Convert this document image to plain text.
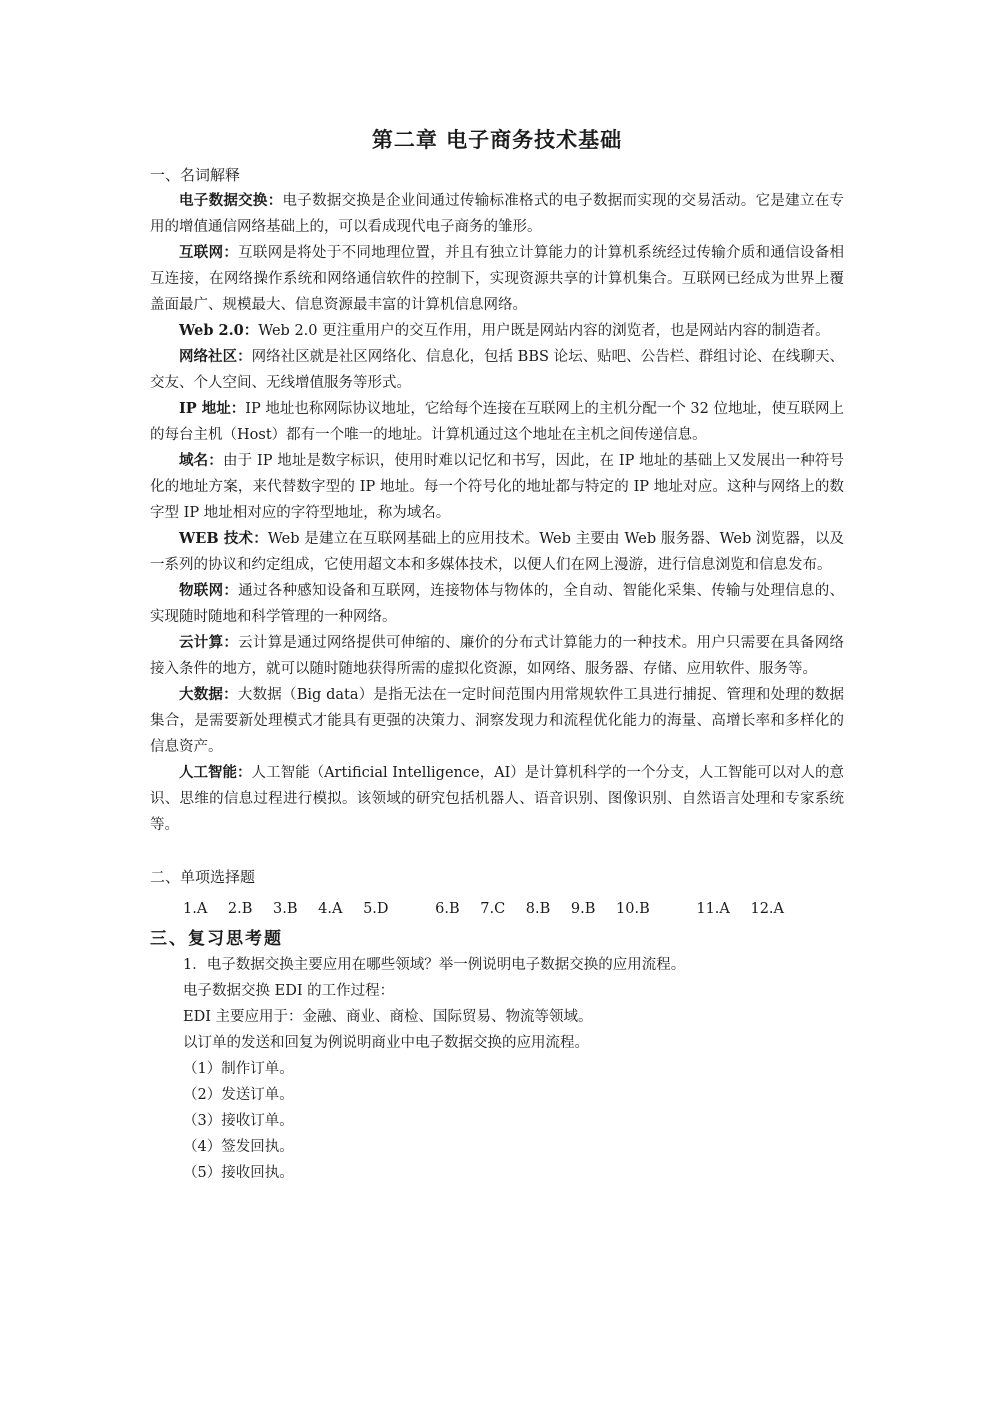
第二章 电子商务技术基础

一、名词解释

电子数据交换：电子数据交换是企业间通过传输标准格式的电子数据而实现的交易活动。它是建立在专用的增值通信网络基础上的，可以看成现代电子商务的雏形。

互联网：互联网是将处于不同地理位置，并且有独立计算能力的计算机系统经过传输介质和通信设备相互连接，在网络操作系统和网络通信软件的控制下，实现资源共享的计算机集合。互联网已经成为世界上覆盖面最广、规模最大、信息资源最丰富的计算机信息网络。

Web 2.0：Web 2.0 更注重用户的交互作用，用户既是网站内容的浏览者，也是网站内容的制造者。

网络社区：网络社区就是社区网络化、信息化，包括 BBS 论坛、贴吧、公告栏、群组讨论、在线聊天、交友、个人空间、无线增值服务等形式。

IP 地址：IP 地址也称网际协议地址，它给每个连接在互联网上的主机分配一个 32 位地址，使互联网上的每台主机（Host）都有一个唯一的地址。计算机通过这个地址在主机之间传递信息。

域名：由于 IP 地址是数字标识，使用时难以记忆和书写，因此，在 IP 地址的基础上又发展出一种符号化的地址方案，来代替数字型的 IP 地址。每一个符号化的地址都与特定的 IP 地址对应。这种与网络上的数字型 IP 地址相对应的字符型地址，称为域名。

WEB 技术：Web 是建立在互联网基础上的应用技术。Web 主要由 Web 服务器、Web 浏览器，以及一系列的协议和约定组成，它使用超文本和多媒体技术，以便人们在网上漫游，进行信息浏览和信息发布。

物联网：通过各种感知设备和互联网，连接物体与物体的，全自动、智能化采集、传输与处理信息的、实现随时随地和科学管理的一种网络。

云计算：云计算是通过网络提供可伸缩的、廉价的分布式计算能力的一种技术。用户只需要在具备网络接入条件的地方，就可以随时随地获得所需的虚拟化资源，如网络、服务器、存储、应用软件、服务等。

大数据：大数据（Big data）是指无法在一定时间范围内用常规软件工具进行捕捉、管理和处理的数据集合，是需要新处理模式才能具有更强的决策力、洞察发现力和流程优化能力的海量、高增长率和多样化的信息资产。

人工智能：人工智能（Artificial Intelligence，AI）是计算机科学的一个分支，人工智能可以对人的意识、思维的信息过程进行模拟。该领域的研究包括机器人、语音识别、图像识别、自然语言处理和专家系统等。

二、单项选择题

1.A 2.B 3.B 4.A 5.D	6.B 7.C 8.B 9.B 10.B	11.A 12.A

三、复习思考题

1．电子数据交换主要应用在哪些领域？举一例说明电子数据交换的应用流程。

电子数据交换 EDI 的工作过程：

EDI 主要应用于：金融、商业、商检、国际贸易、物流等领域。

以订单的发送和回复为例说明商业中电子数据交换的应用流程。

（1）制作订单。

（2）发送订单。

（3）接收订单。

（4）签发回执。

（5）接收回执。
